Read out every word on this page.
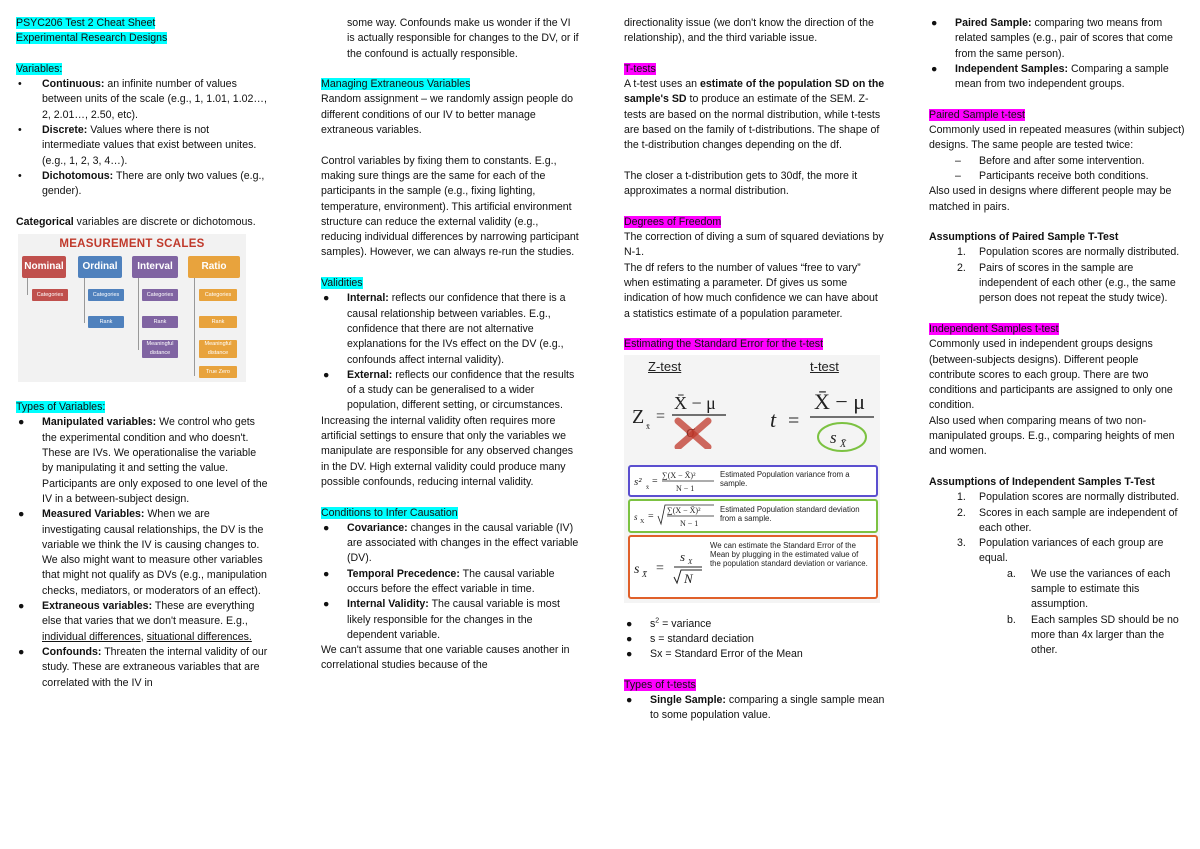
PSYC206 Test 2 Cheat Sheet

Experimental Research Designs

Variables:

• Continuous: an infinite number of values between units of the scale (e.g., 1, 1.01, 1.02…, 2, 2.01…, 2.50, etc).
• Discrete: Values where there is not intermediate values that exist between unites. (e.g., 1, 2, 3, 4…).
• Dichotomous: There are only two values (e.g., gender).

Categorical variables are discrete or dichotomous.

MEASUREMENT SCALES
Nominal	Ordinal	Interval	Ratio
Categories	Categories
Rank
Categories
Rank
Meaningful distance
Categories
Rank
Meaningful distance
True Zero

Types of Variables:

● Manipulated variables: We control who gets the experimental condition and who doesn't. These are IVs. We operationalise the variable by manipulating it and setting the value. Participants are only exposed to one level of the IV in a between-subject design.
● Measured Variables: When we are investigating causal relationships, the DV is the variable we think the IV is causing changes to. We also might want to measure other variables that might not qualify as DVs (e.g., manipulation checks, mediators, or moderators of an effect).
● Extraneous variables: These are everything else that varies that we don't measure. E.g., individual differences, situational differences.
● Confounds: Threaten the internal validity of our study. These are extraneous variables that are correlated with the IV in

some way. Confounds make us wonder if the VI is actually responsible for changes to the DV, or if the confound is actually responsible.

Managing Extraneous Variables

Random assignment – we randomly assign people do different conditions of our IV to better manage extraneous variables.

Control variables by fixing them to constants. E.g., making sure things are the same for each of the participants in the sample (e.g., fixing lighting, temperature, environment). This artificial environment structure can reduce the external validity (e.g., reducing individual differences by narrowing participant samples). However, we can always re-run the studies.

Validities

● Internal: reflects our confidence that there is a causal relationship between variables. E.g., confidence that there are not alternative explanations for the IVs effect on the DV (e.g., confounds affect internal validity).
● External: reflects our confidence that the results of a study can be generalised to a wider population, different setting, or circumstances.

Increasing the internal validity often requires more artificial settings to ensure that only the variables we manipulate are responsible for any observed changes in the DV. High external validity could produce many possible confounds, reducing internal validity.

Conditions to Infer Causation

● Covariance: changes in the causal variable (IV) are associated with changes in the effect variable (DV).
● Temporal Precedence: The causal variable occurs before the effect variable in time.
● Internal Validity: The causal variable is most likely responsible for the changes in the dependent variable.

We can't assume that one variable causes another in correlational studies because of the

directionality issue (we don't know the direction of the relationship), and the third variable issue.

T-tests

A t-test uses an estimate of the population SD on the sample's SD to produce an estimate of the SEM. Z-tests are based on the normal distribution, while t-tests are based on the family of t-distributions. The shape of the t-distribution changes depending on the df.

The closer a t-distribution gets to 30df, the more it approximates a normal distribution.

Degrees of Freedom

The correction of diving a sum of squared deviations by N-1.

The df refers to the number of values “free to vary” when estimating a parameter. Df gives us some indication of how much confidence we can have about a statistics estimate of a population parameter.

Estimating the Standard Error for the t-test

Z-test	t-test
Z x̄
=
X̄ − μ
t =
X̄ − μ
s X̄
s² x̄
=
∑(X − X̄)²
N − 1
Estimated Population variance from a sample.
s X =
∑(X − X̄)²
N − 1
Estimated Population standard deviation from a sample.
s X̄ =
s X
N
We can estimate the Standard Error of the Mean by plugging in the estimated value of the population standard deviation or variance.
● $s^2$ = variance
● s = standard deciation
● Sx = Standard Error of the Mean

Types of t-tests

● Single Sample: comparing a single sample mean to some population value.
● Paired Sample: comparing two means from related samples (e.g., pair of scores that come from the same person).
● Independent Samples: Comparing a sample mean from two independent groups.

Paired Sample t-test

Commonly used in repeated measures (within subject) designs. The same people are tested twice:

– Before and after some intervention.
– Participants receive both conditions.

Also used in designs where different people may be matched in pairs.

Assumptions of Paired Sample T-Test

1. Population scores are normally distributed.
2. Pairs of scores in the sample are independent of each other (e.g., the same person does not repeat the study twice).

Independent Samples t-test

Commonly used in independent groups designs (between-subjects designs). Different people contribute scores to each group. There are two conditions and participants are assigned to only one condition.

Also used when comparing means of two non-manipulated groups. E.g., comparing heights of men and women.

Assumptions of Independent Samples T-Test

1. Population scores are normally distributed.
2. Scores in each sample are independent of each other.
3. Population variances of each group are equal.
a. We use the variances of each sample to estimate this assumption.
b. Each samples SD should be no more than 4x larger than the other.
